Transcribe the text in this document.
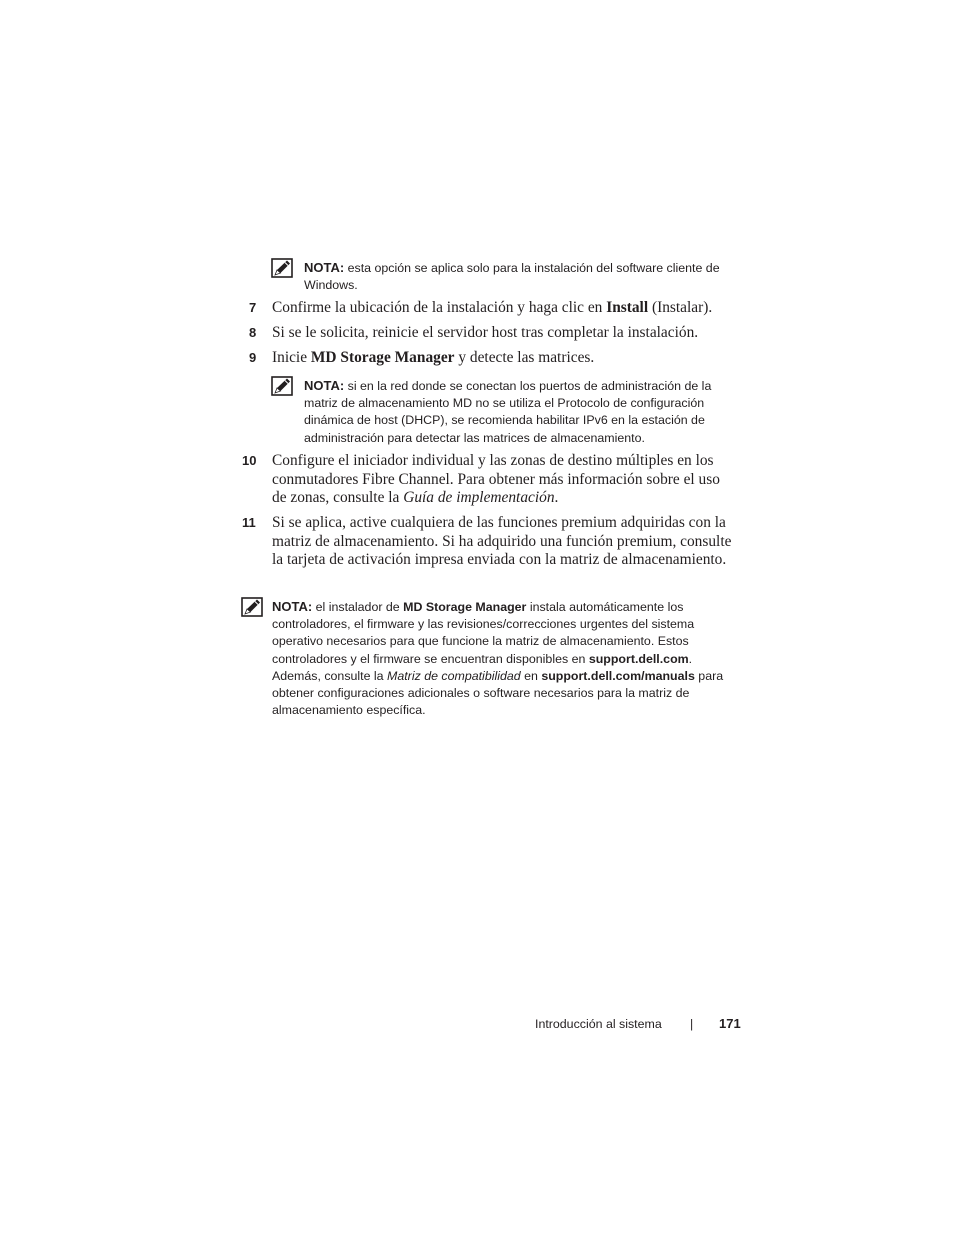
NOTA: esta opción se aplica solo para la instalación del software cliente de Windows.
7 Confirme la ubicación de la instalación y haga clic en Install (Instalar).
8 Si se le solicita, reinicie el servidor host tras completar la instalación.
9 Inicie MD Storage Manager y detecte las matrices.
NOTA: si en la red donde se conectan los puertos de administración de la matriz de almacenamiento MD no se utiliza el Protocolo de configuración dinámica de host (DHCP), se recomienda habilitar IPv6 en la estación de administración para detectar las matrices de almacenamiento.
10 Configure el iniciador individual y las zonas de destino múltiples en los conmutadores Fibre Channel. Para obtener más información sobre el uso de zonas, consulte la Guía de implementación.
11 Si se aplica, active cualquiera de las funciones premium adquiridas con la matriz de almacenamiento. Si ha adquirido una función premium, consulte la tarjeta de activación impresa enviada con la matriz de almacenamiento.
NOTA: el instalador de MD Storage Manager instala automáticamente los controladores, el firmware y las revisiones/correcciones urgentes del sistema operativo necesarios para que funcione la matriz de almacenamiento. Estos controladores y el firmware se encuentran disponibles en support.dell.com. Además, consulte la Matriz de compatibilidad en support.dell.com/manuals para obtener configuraciones adicionales o software necesarios para la matriz de almacenamiento específica.
Introducción al sistema | 171
